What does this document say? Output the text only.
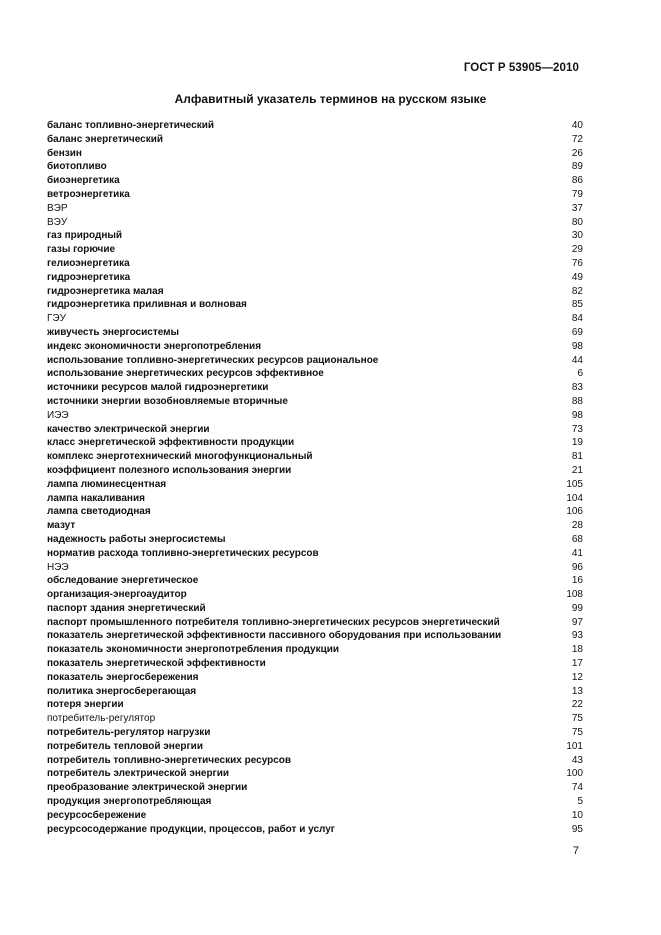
ГОСТ Р 53905—2010
Алфавитный указатель терминов на русском языке
баланс топливно-энергетический	40
баланс энергетический	72
бензин	26
биотопливо	89
биоэнергетика	86
ветроэнергетика	79
ВЭР	37
ВЭУ	80
газ природный	30
газы горючие	29
гелиоэнергетика	76
гидроэнергетика	49
гидроэнергетика малая	82
гидроэнергетика приливная и волновая	85
ГЭУ	84
живучесть энергосистемы	69
индекс экономичности энергопотребления	98
использование топливно-энергетических ресурсов рациональное	44
использование энергетических ресурсов эффективное	6
источники ресурсов малой гидроэнергетики	83
источники энергии возобновляемые вторичные	88
ИЭЭ	98
качество электрической энергии	73
класс энергетической эффективности продукции	19
комплекс энерготехнический многофункциональный	81
коэффициент полезного использования энергии	21
лампа люминесцентная	105
лампа накаливания	104
лампа светодиодная	106
мазут	28
надежность работы энергосистемы	68
норматив расхода топливно-энергетических ресурсов	41
НЭЭ	96
обследование энергетическое	16
организация-энергоаудитор	108
паспорт здания энергетический	99
паспорт промышленного потребителя топливно-энергетических ресурсов энергетический	97
показатель энергетической эффективности пассивного оборудования при использовании	93
показатель экономичности энергопотребления продукции	18
показатель энергетической эффективности	17
показатель энергосбережения	12
политика энергосберегающая	13
потеря энергии	22
потребитель-регулятор	75
потребитель-регулятор нагрузки	75
потребитель тепловой энергии	101
потребитель топливно-энергетических ресурсов	43
потребитель электрической энергии	100
преобразование электрической энергии	74
продукция энергопотребляющая	5
ресурсосбережение	10
ресурсосодержание продукции, процессов, работ и услуг	95
7
